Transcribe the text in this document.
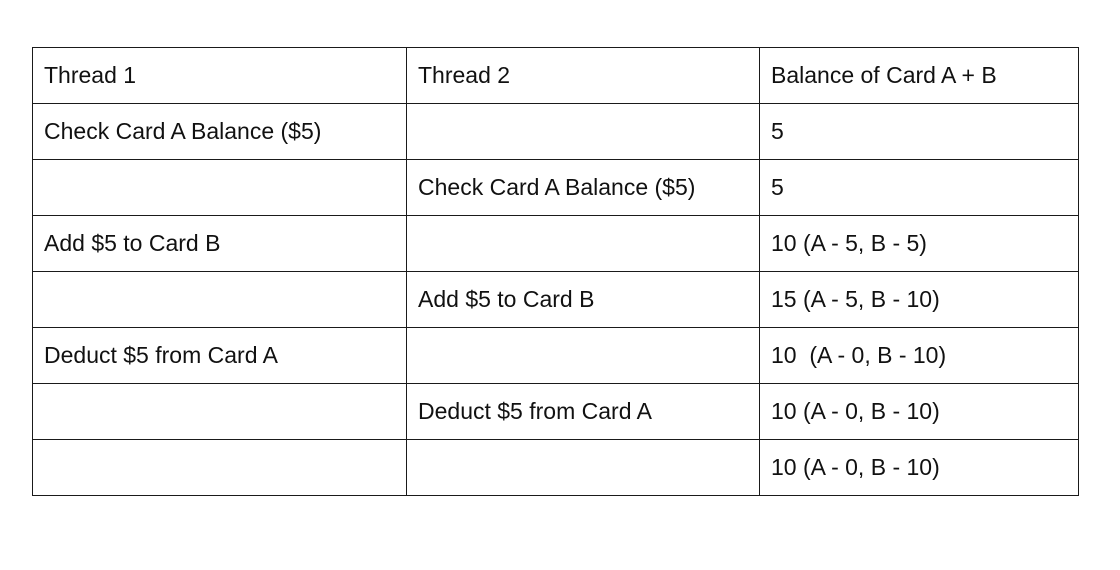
Thread 1	Thread 2	Balance of Card A + B
Check Card A Balance ($5)		5
	Check Card A Balance ($5)	5
Add $5 to Card B		10 (A - 5, B - 5)
	Add $5 to Card B	15 (A - 5, B - 10)
Deduct $5 from Card A		10  (A - 0, B - 10)
	Deduct $5 from Card A	10 (A - 0, B - 10)
		10 (A - 0, B - 10)
